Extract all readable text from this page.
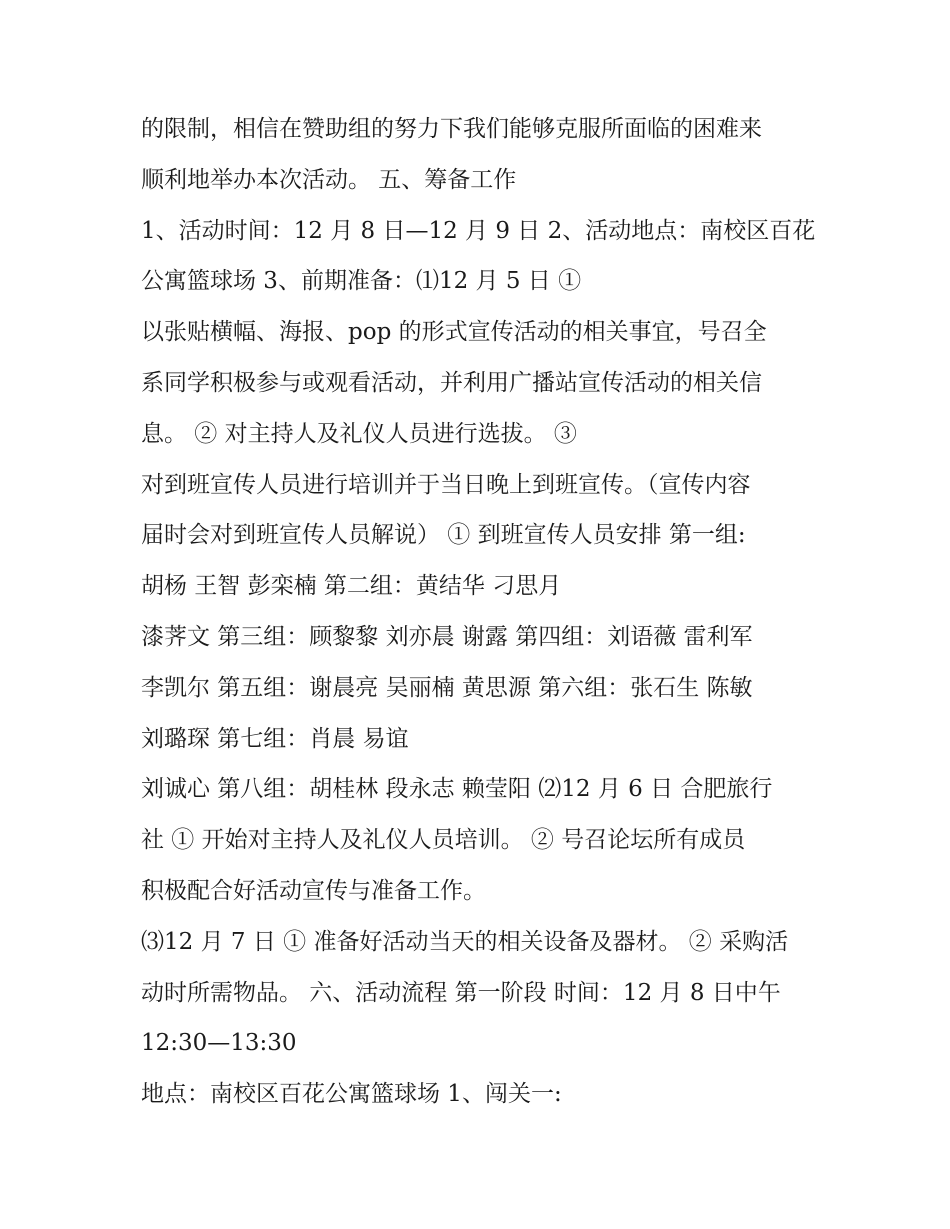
的限制，相信在赞助组的努力下我们能够克服所面临的困难来
顺利地举办本次活动。 五、筹备工作
1、活动时间：12 月 8 日—12 月 9 日 2、活动地点：南校区百花
公寓篮球场 3、前期准备：⑴12 月 5 日 ①
以张贴横幅、海报、pop 的形式宣传活动的相关事宜，号召全
系同学积极参与或观看活动，并利用广播站宣传活动的相关信
息。 ② 对主持人及礼仪人员进行选拔。 ③
对到班宣传人员进行培训并于当日晚上到班宣传。（宣传内容
届时会对到班宣传人员解说） ① 到班宣传人员安排 第一组:
胡杨 王智 彭栾楠 第二组：黄结华 刁思月
漆荠文 第三组：顾黎黎 刘亦晨 谢露 第四组：刘语薇 雷利军
李凯尔 第五组：谢晨亮 吴丽楠 黄思源 第六组：张石生 陈敏
刘璐琛 第七组：肖晨 易谊
刘诚心 第八组：胡桂林 段永志 赖莹阳 ⑵12 月 6 日 合肥旅行
社 ① 开始对主持人及礼仪人员培训。 ② 号召论坛所有成员
积极配合好活动宣传与准备工作。
⑶12 月 7 日 ① 准备好活动当天的相关设备及器材。 ② 采购活
动时所需物品。 六、活动流程 第一阶段 时间：12 月 8 日中午
12:30—13:30
地点：南校区百花公寓篮球场 1、闯关一:
